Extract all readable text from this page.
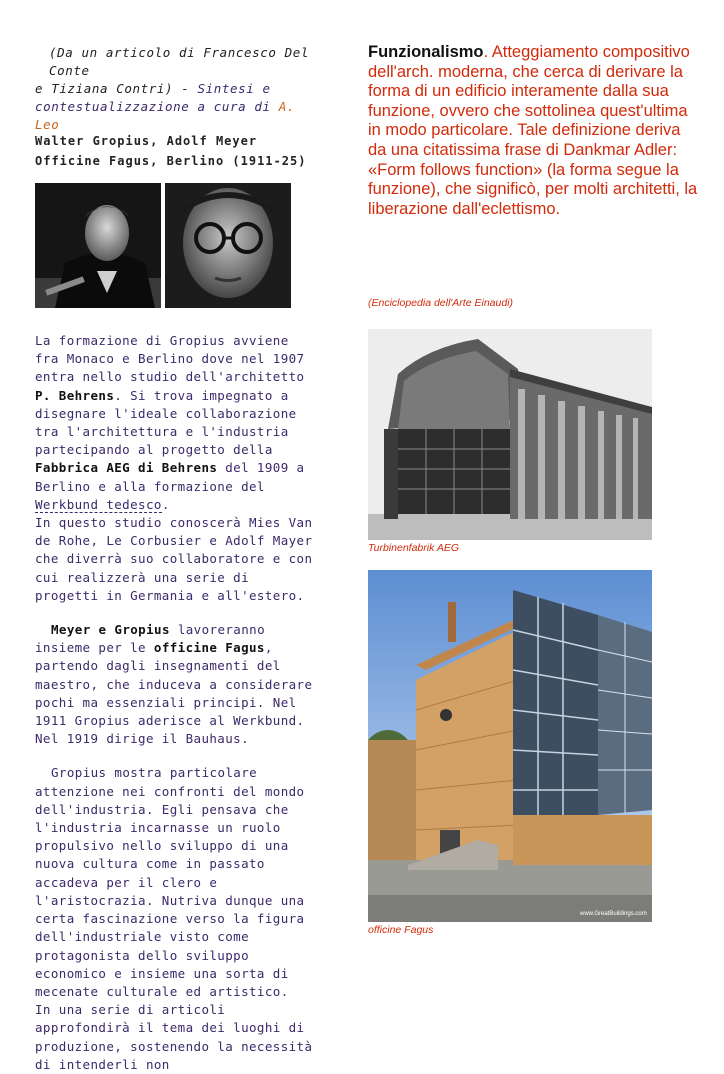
(Da un articolo di Francesco Del Conte
e Tiziana Contri) - Sintesi e
contestualizzazione a cura di A. Leo
Walter Gropius, Adolf Meyer
Officine Fagus, Berlino (1911-25)

La formazione di Gropius avviene fra Monaco e Berlino dove nel 1907 entra nello studio dell'architetto P. Behrens. Si trova impegnato a disegnare l'ideale collaborazione tra l'architettura e l'industria partecipando al progetto della Fabbrica AEG di Behrens del 1909 a Berlino e alla formazione del Werkbund tedesco.

In questo studio conoscerà Mies Van de Rohe, Le Corbusier e Adolf Mayer che diverrà suo collaboratore e con cui realizzerà una serie di progetti in Germania e all'estero.

Meyer e Gropius lavoreranno insieme per le officine Fagus, partendo dagli insegnamenti del maestro, che induceva a considerare pochi ma essenziali principi. Nel 1911 Gropius aderisce al Werkbund. Nel 1919 dirige il Bauhaus.

Gropius mostra particolare attenzione nei confronti del mondo dell'industria. Egli pensava che l'industria incarnasse un ruolo propulsivo nello sviluppo di una nuova cultura come in passato accadeva per il clero e l'aristocrazia. Nutriva dunque una certa fascinazione verso la figura dell'industriale visto come protagonista dello sviluppo economico e insieme una sorta di mecenate culturale ed artistico.

In una serie di articoli approfondirà il tema dei luoghi di produzione, sostenendo la necessità di intenderli non

Funzionalismo. Atteggiamento compositivo dell'arch. moderna, che cerca di derivare la forma di un edificio interamente dalla sua funzione, ovvero che sottolinea quest'ultima in modo particolare. Tale definizione deriva da una citatissima frase di Dankmar Adler: «Form follows function» (la forma segue la funzione), che significò, per molti architetti, la liberazione dall'eclettismo.
(Enciclopedia dell'Arte Einaudi)
Turbinenfabrik AEG
www.GreatBuildings.com
officine Fagus
